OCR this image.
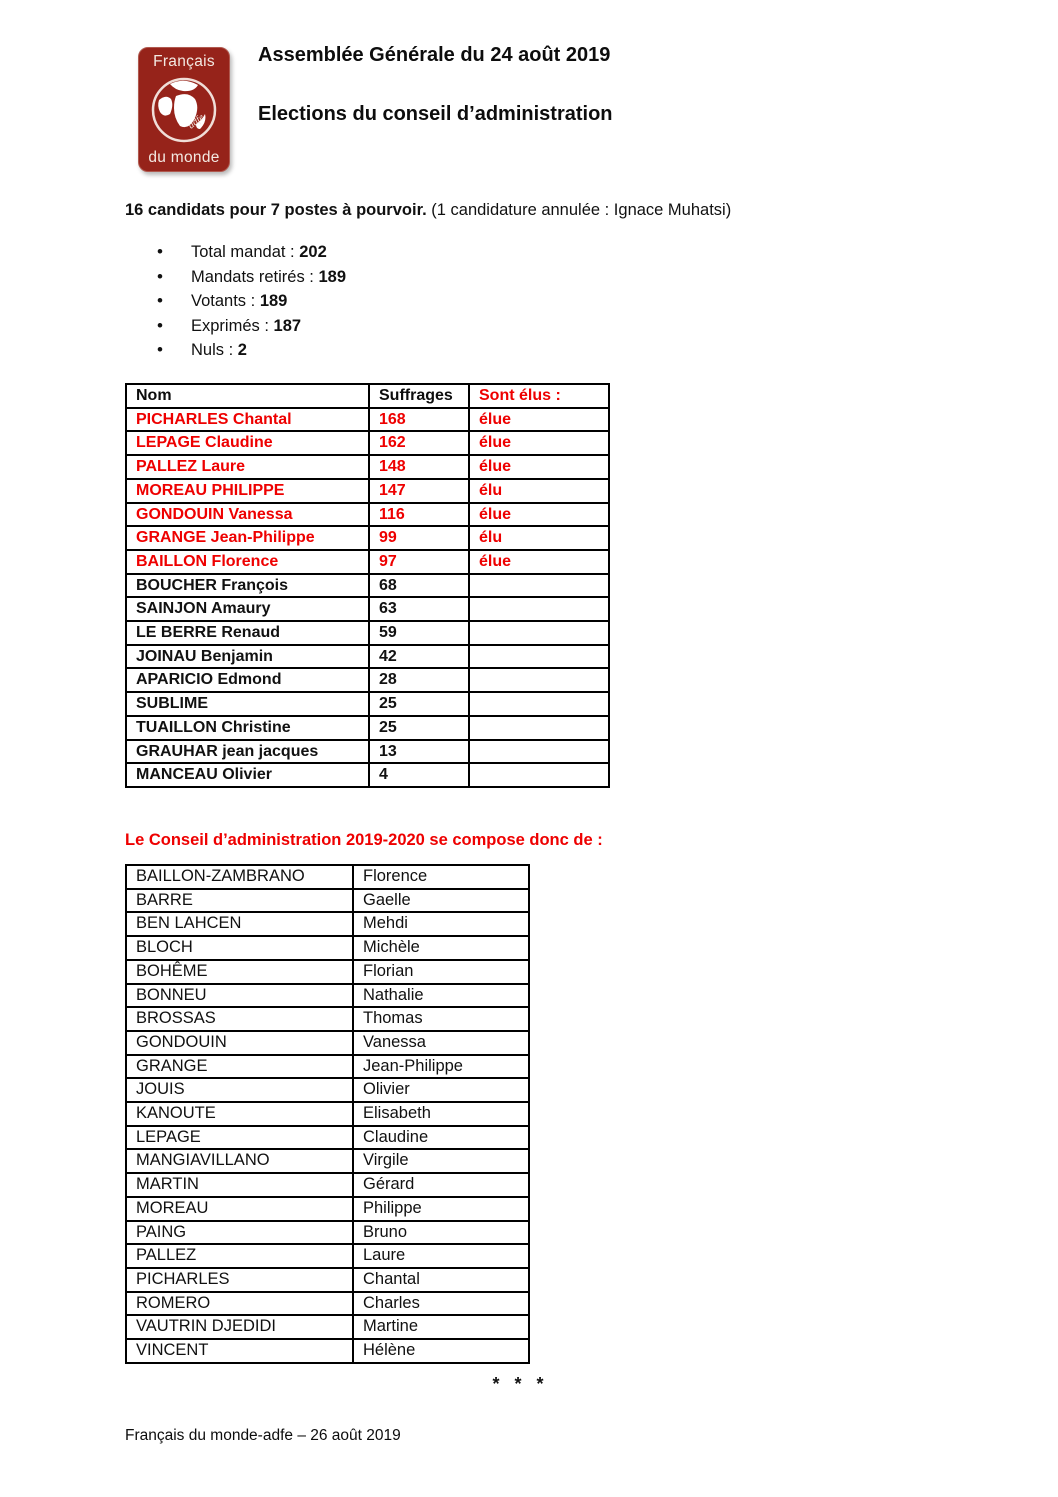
Français
adfe
du monde
Assemblée Générale du 24 août 2019
Elections du conseil d’administration

16 candidats pour 7 postes à pourvoir. (1 candidature annulée : Ignace Muhatsi)

• Total mandat : 202
• Mandats retirés : 189
• Votants : 189
• Exprimés : 187
• Nuls : 2
Nom	Suffrages	Sont élus :
PICHARLES Chantal	168	élue
LEPAGE Claudine	162	élue
PALLEZ Laure	148	élue
MOREAU PHILIPPE	147	élu
GONDOUIN Vanessa	116	élue
GRANGE Jean-Philippe	99	élu
BAILLON Florence	97	élue
BOUCHER François	68	
SAINJON Amaury	63	
LE BERRE Renaud	59	
JOINAU Benjamin	42	
APARICIO Edmond	28	
SUBLIME	25	
TUAILLON Christine	25	
GRAUHAR jean jacques	13	
MANCEAU Olivier	4	
Le Conseil d’administration 2019-2020 se compose donc de :
BAILLON-ZAMBRANO	Florence
BARRE	Gaelle
BEN LAHCEN	Mehdi
BLOCH	Michèle
BOHÊME	Florian
BONNEU	Nathalie
BROSSAS	Thomas
GONDOUIN	Vanessa
GRANGE	Jean-Philippe
JOUIS	Olivier
KANOUTE	Elisabeth
LEPAGE	Claudine
MANGIAVILLANO	Virgile
MARTIN	Gérard
MOREAU	Philippe
PAING	Bruno
PALLEZ	Laure
PICHARLES	Chantal
ROMERO	Charles
VAUTRIN DJEDIDI	Martine
VINCENT	Hélène
* * *
Français du monde-adfe – 26 août 2019
